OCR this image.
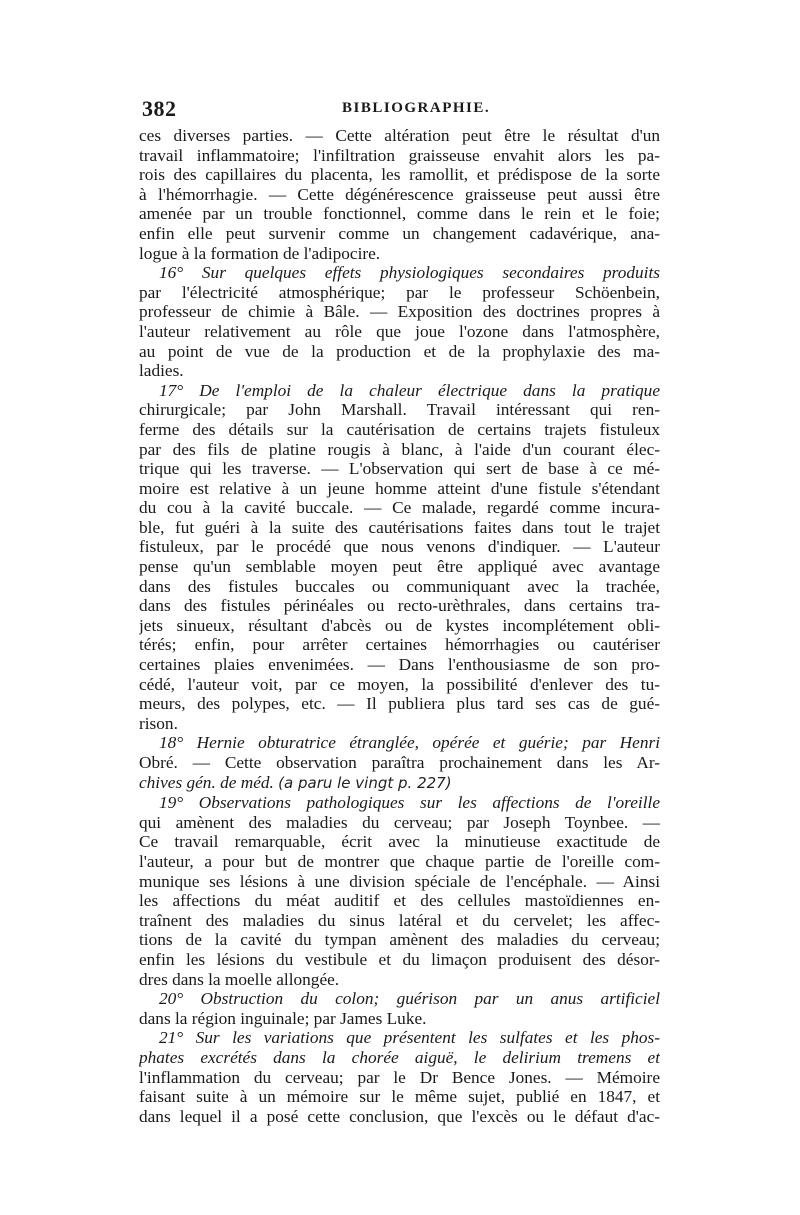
382	BIBLIOGRAPHIE.
ces diverses parties. — Cette altération peut être le résultat d'un
travail inflammatoire; l'infiltration graisseuse envahit alors les pa-
rois des capillaires du placenta, les ramollit, et prédispose de la sorte
à l'hémorrhagie. — Cette dégénérescence graisseuse peut aussi être
amenée par un trouble fonctionnel, comme dans le rein et le foie;
enfin elle peut survenir comme un changement cadavérique, ana-
logue à la formation de l'adipocire.
16° Sur quelques effets physiologiques secondaires produits
par l'électricité atmosphérique; par le professeur Schöenbein,
professeur de chimie à Bâle. — Exposition des doctrines propres à
l'auteur relativement au rôle que joue l'ozone dans l'atmosphère,
au point de vue de la production et de la prophylaxie des ma-
ladies.
17° De l'emploi de la chaleur électrique dans la pratique
chirurgicale; par John Marshall. Travail intéressant qui ren-
ferme des détails sur la cautérisation de certains trajets fistuleux
par des fils de platine rougis à blanc, à l'aide d'un courant élec-
trique qui les traverse. — L'observation qui sert de base à ce mé-
moire est relative à un jeune homme atteint d'une fistule s'étendant
du cou à la cavité buccale. — Ce malade, regardé comme incura-
ble, fut guéri à la suite des cautérisations faites dans tout le trajet
fistuleux, par le procédé que nous venons d'indiquer. — L'auteur
pense qu'un semblable moyen peut être appliqué avec avantage
dans des fistules buccales ou communiquant avec la trachée,
dans des fistules périnéales ou recto-urèthrales, dans certains tra-
jets sinueux, résultant d'abcès ou de kystes incomplétement obli-
térés; enfin, pour arrêter certaines hémorrhagies ou cautériser
certaines plaies envenimées. — Dans l'enthousiasme de son pro-
cédé, l'auteur voit, par ce moyen, la possibilité d'enlever des tu-
meurs, des polypes, etc. — Il publiera plus tard ses cas de gué-
rison.
18° Hernie obturatrice étranglée, opérée et guérie; par Henri
Obré. — Cette observation paraîtra prochainement dans les Ar-
chives gén. de méd. (a paru le vingt p. 227)
19° Observations pathologiques sur les affections de l'oreille
qui amènent des maladies du cerveau; par Joseph Toynbee. —
Ce travail remarquable, écrit avec la minutieuse exactitude de
l'auteur, a pour but de montrer que chaque partie de l'oreille com-
munique ses lésions à une division spéciale de l'encéphale. — Ainsi
les affections du méat auditif et des cellules mastoïdiennes en-
traînent des maladies du sinus latéral et du cervelet; les affec-
tions de la cavité du tympan amènent des maladies du cerveau;
enfin les lésions du vestibule et du limaçon produisent des désor-
dres dans la moelle allongée.
20° Obstruction du colon; guérison par un anus artificiel
dans la région inguinale; par James Luke.
21° Sur les variations que présentent les sulfates et les phos-
phates excrétés dans la chorée aiguë, le delirium tremens et
l'inflammation du cerveau; par le Dr Bence Jones. — Mémoire
faisant suite à un mémoire sur le même sujet, publié en 1847, et
dans lequel il a posé cette conclusion, que l'excès ou le défaut d'ac-
